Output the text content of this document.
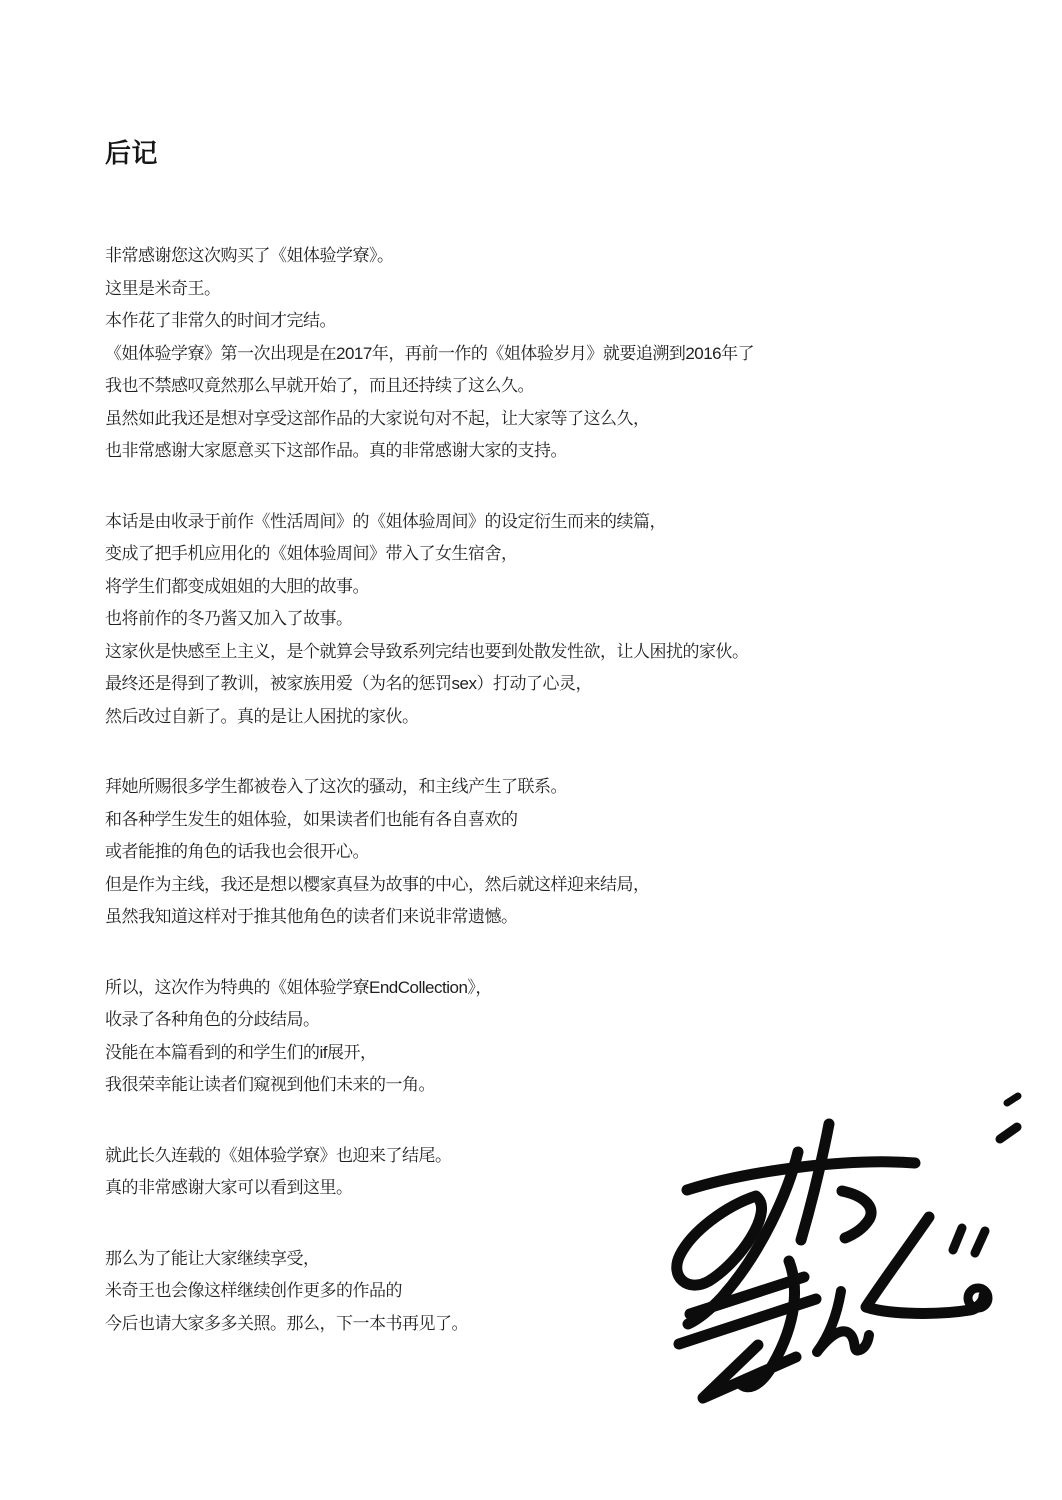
后记

非常感谢您这次购买了《姐体验学寮》。

这里是米奇王。

本作花了非常久的时间才完结。

《姐体验学寮》第一次出现是在2017年，再前一作的《姐体验岁月》就要追溯到2016年了

我也不禁感叹竟然那么早就开始了，而且还持续了这么久。

虽然如此我还是想对享受这部作品的大家说句对不起，让大家等了这么久，

也非常感谢大家愿意买下这部作品。真的非常感谢大家的支持。

本话是由收录于前作《性活周间》的《姐体验周间》的设定衍生而来的续篇，

变成了把手机应用化的《姐体验周间》带入了女生宿舍，

将学生们都变成姐姐的大胆的故事。

也将前作的冬乃酱又加入了故事。

这家伙是快感至上主义，是个就算会导致系列完结也要到处散发性欲，让人困扰的家伙。

最终还是得到了教训，被家族用爱（为名的惩罚sex）打动了心灵，

然后改过自新了。真的是让人困扰的家伙。

拜她所赐很多学生都被卷入了这次的骚动，和主线产生了联系。

和各种学生发生的姐体验，如果读者们也能有各自喜欢的

或者能推的角色的话我也会很开心。

但是作为主线，我还是想以樱家真昼为故事的中心，然后就这样迎来结局，

虽然我知道这样对于推其他角色的读者们来说非常遗憾。

所以，这次作为特典的《姐体验学寮EndCollection》，

收录了各种角色的分歧结局。

没能在本篇看到的和学生们的if展开，

我很荣幸能让读者们窥视到他们未来的一角。

就此长久连载的《姐体验学寮》也迎来了结尾。

真的非常感谢大家可以看到这里。

那么为了能让大家继续享受，

米奇王也会像这样继续创作更多的作品的

今后也请大家多多关照。那么，下一本书再见了。
